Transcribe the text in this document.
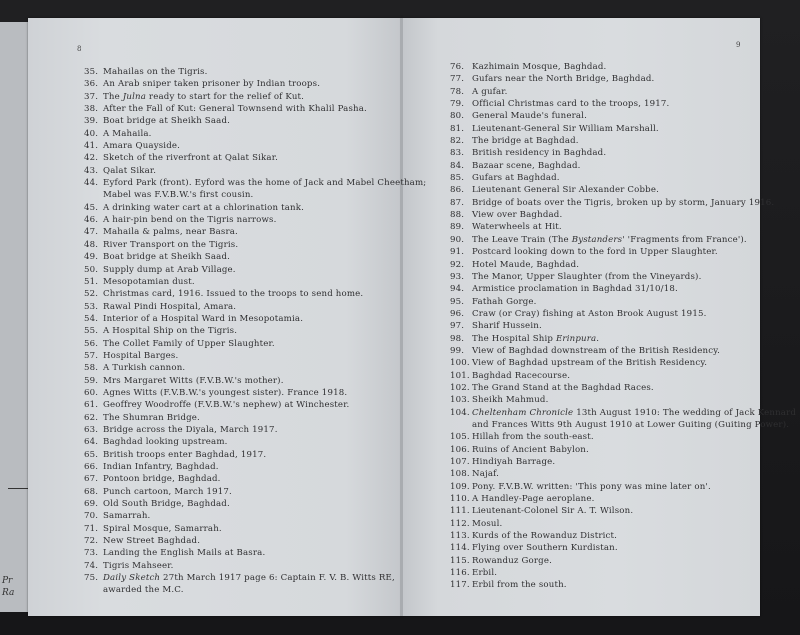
Pr
Ra
8	9
35. Mahailas on the Tigris.
36. An Arab sniper taken prisoner by Indian troops.
37. The Julna ready to start for the relief of Kut.
38. After the Fall of Kut: General Townsend with Khalil Pasha.
39. Boat bridge at Sheikh Saad.
40. A Mahaila.
41. Amara Quayside.
42. Sketch of the riverfront at Qalat Sikar.
43. Qalat Sikar.
44. Eyford Park (front). Eyford was the home of Jack and Mabel Cheetham;
Mabel was F.V.B.W.'s first cousin.
45. A drinking water cart at a chlorination tank.
46. A hair-pin bend on the Tigris narrows.
47. Mahaila & palms, near Basra.
48. River Transport on the Tigris.
49. Boat bridge at Sheikh Saad.
50. Supply dump at Arab Village.
51. Mesopotamian dust.
52. Christmas card, 1916. Issued to the troops to send home.
53. Rawal Pindi Hospital, Amara.
54. Interior of a Hospital Ward in Mesopotamia.
55. A Hospital Ship on the Tigris.
56. The Collet Family of Upper Slaughter.
57. Hospital Barges.
58. A Turkish cannon.
59. Mrs Margaret Witts (F.V.B.W.'s mother).
60. Agnes Witts (F.V.B.W.'s youngest sister). France 1918.
61. Geoffrey Woodroffe (F.V.B.W.'s nephew) at Winchester.
62. The Shumran Bridge.
63. Bridge across the Diyala, March 1917.
64. Baghdad looking upstream.
65. British troops enter Baghdad, 1917.
66. Indian Infantry, Baghdad.
67. Pontoon bridge, Baghdad.
68. Punch cartoon, March 1917.
69. Old South Bridge, Baghdad.
70. Samarrah.
71. Spiral Mosque, Samarrah.
72. New Street Baghdad.
73. Landing the English Mails at Basra.
74. Tigris Mahseer.
75. Daily Sketch 27th March 1917 page 6: Captain F. V. B. Witts RE,
awarded the M.C.
76. Kazhimain Mosque, Baghdad.
77. Gufars near the North Bridge, Baghdad.
78. A gufar.
79. Official Christmas card to the troops, 1917.
80. General Maude's funeral.
81. Lieutenant-General Sir William Marshall.
82. The bridge at Baghdad.
83. British residency in Baghdad.
84. Bazaar scene, Baghdad.
85. Gufars at Baghdad.
86. Lieutenant General Sir Alexander Cobbe.
87. Bridge of boats over the Tigris, broken up by storm, January 1916.
88. View over Baghdad.
89. Waterwheels at Hit.
90. The Leave Train (The Bystanders' 'Fragments from France').
91. Postcard looking down to the ford in Upper Slaughter.
92. Hotel Maude, Baghdad.
93. The Manor, Upper Slaughter (from the Vineyards).
94. Armistice proclamation in Baghdad 31/10/18.
95. Fathah Gorge.
96. Craw (or Cray) fishing at Aston Brook August 1915.
97. Sharif Hussein.
98. The Hospital Ship Erinpura.
99. View of Baghdad downstream of the British Residency.
100. View of Baghdad upstream of the British Residency.
101. Baghdad Racecourse.
102. The Grand Stand at the Baghdad Races.
103. Sheikh Mahmud.
104. Cheltenham Chronicle 13th August 1910: The wedding of Jack Kennard
and Frances Witts 9th August 1910 at Lower Guiting (Guiting Power).
105. Hillah from the south-east.
106. Ruins of Ancient Babylon.
107. Hindiyah Barrage.
108. Najaf.
109. Pony. F.V.B.W. written: 'This pony was mine later on'.
110. A Handley-Page aeroplane.
111. Lieutenant-Colonel Sir A. T. Wilson.
112. Mosul.
113. Kurds of the Rowanduz District.
114. Flying over Southern Kurdistan.
115. Rowanduz Gorge.
116. Erbil.
117. Erbil from the south.
